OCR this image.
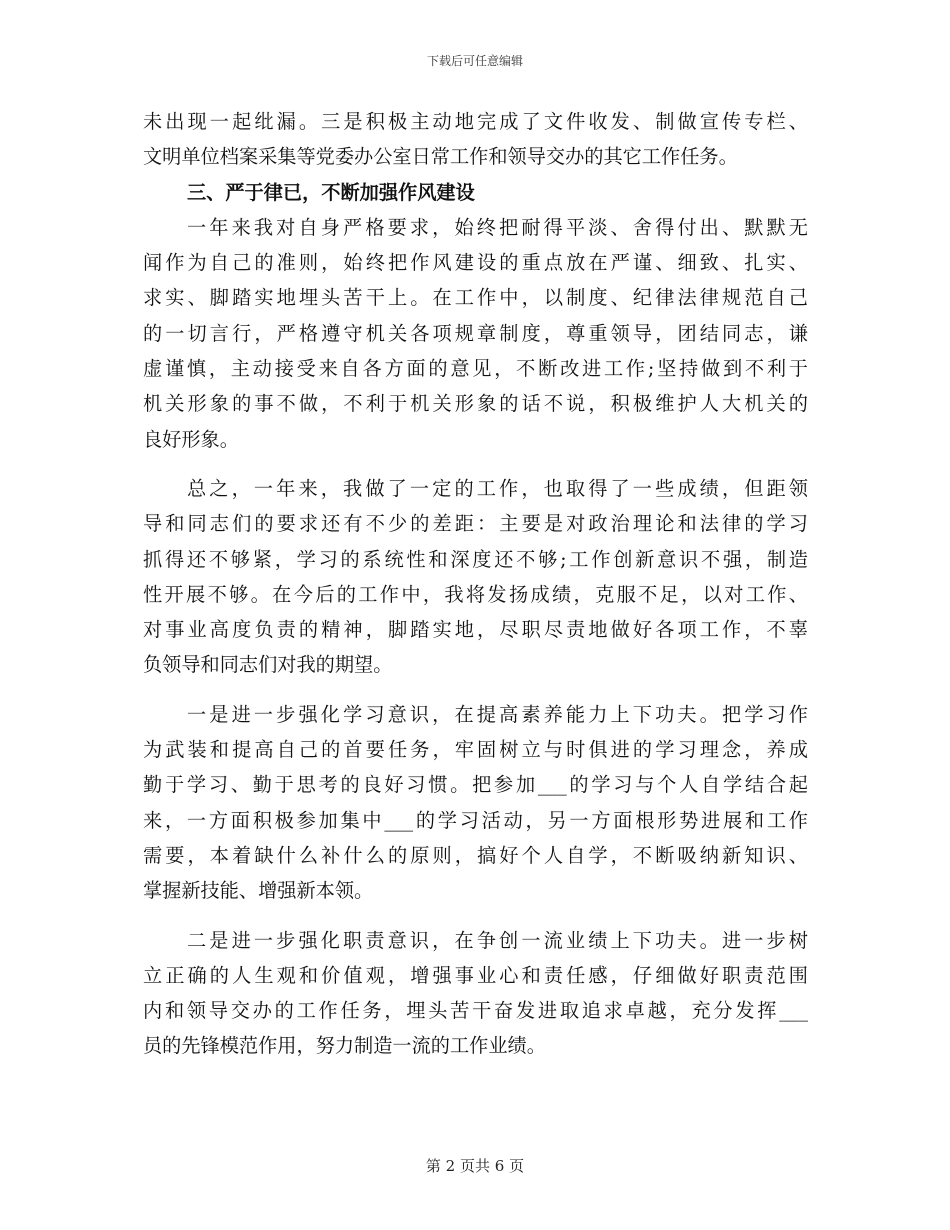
下载后可任意编辑
未出现一起纰漏。三是积极主动地完成了文件收发、制做宣传专栏、
文明单位档案采集等党委办公室日常工作和领导交办的其它工作任务。
三、严于律已，不断加强作风建设
一年来我对自身严格要求，始终把耐得平淡、舍得付出、默默无
闻作为自己的准则，始终把作风建设的重点放在严谨、细致、扎实、
求实、脚踏实地埋头苦干上。在工作中，以制度、纪律法律规范自己
的一切言行，严格遵守机关各项规章制度，尊重领导，团结同志，谦
虚谨慎，主动接受来自各方面的意见，不断改进工作;坚持做到不利于
机关形象的事不做，不利于机关形象的话不说，积极维护人大机关的
良好形象。
总之，一年来，我做了一定的工作，也取得了一些成绩，但距领
导和同志们的要求还有不少的差距：主要是对政治理论和法律的学习
抓得还不够紧，学习的系统性和深度还不够;工作创新意识不强，制造
性开展不够。在今后的工作中，我将发扬成绩，克服不足，以对工作、
对事业高度负责的精神，脚踏实地，尽职尽责地做好各项工作，不辜
负领导和同志们对我的期望。
一是进一步强化学习意识，在提高素养能力上下功夫。把学习作
为武装和提高自己的首要任务，牢固树立与时俱进的学习理念，养成
勤于学习、勤于思考的良好习惯。把参加___的学习与个人自学结合起
来，一方面积极参加集中___的学习活动，另一方面根形势进展和工作
需要，本着缺什么补什么的原则，搞好个人自学，不断吸纳新知识、
掌握新技能、增强新本领。
二是进一步强化职责意识，在争创一流业绩上下功夫。进一步树
立正确的人生观和价值观，增强事业心和责任感，仔细做好职责范围
内和领导交办的工作任务，埋头苦干奋发进取追求卓越，充分发挥___
员的先锋模范作用，努力制造一流的工作业绩。
第 2 页共 6 页
